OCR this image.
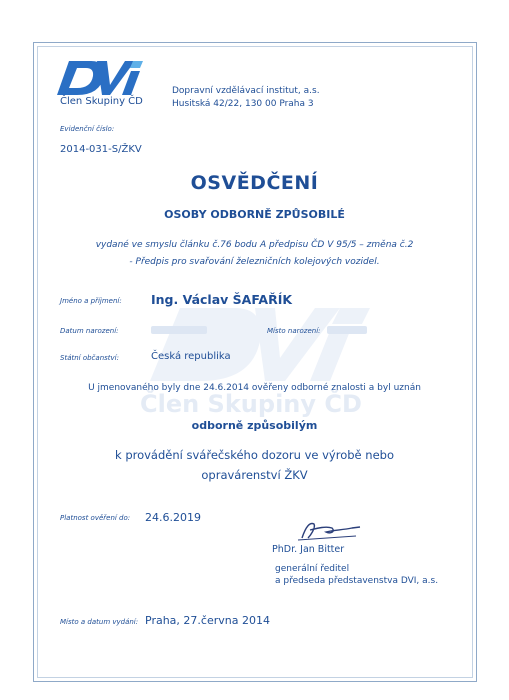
Člen Skupiny ČD
Člen Skupiny ČD
Dopravní vzdělávací institut, a.s.
Husitská 42/22, 130 00 Praha 3
Evidenční číslo:
2014-031-S/ŽKV
OSVĚDČENÍ
OSOBY ODBORNĚ ZPŮSOBILÉ
vydané ve smyslu článku č.76 bodu A předpisu ČD V 95/5 – změna č.2
- Předpis pro svařování železničních kolejových vozidel.
Jméno a příjmení: Ing. Václav ŠAFAŘÍK
Datum narození:	Místo narození:
Státní občanství:	Česká republika
U jmenovaného byly dne 24.6.2014 ověřeny odborné znalosti a byl uznán
odborně způsobilým
k provádění svářečského dozoru ve výrobě nebo
opravárenství ŽKV
Platnost ověření do: 24.6.2019
PhDr. Jan Bitter
generální ředitel
a předseda představenstva DVI, a.s.
Místo a datum vydání: Praha, 27.června 2014
